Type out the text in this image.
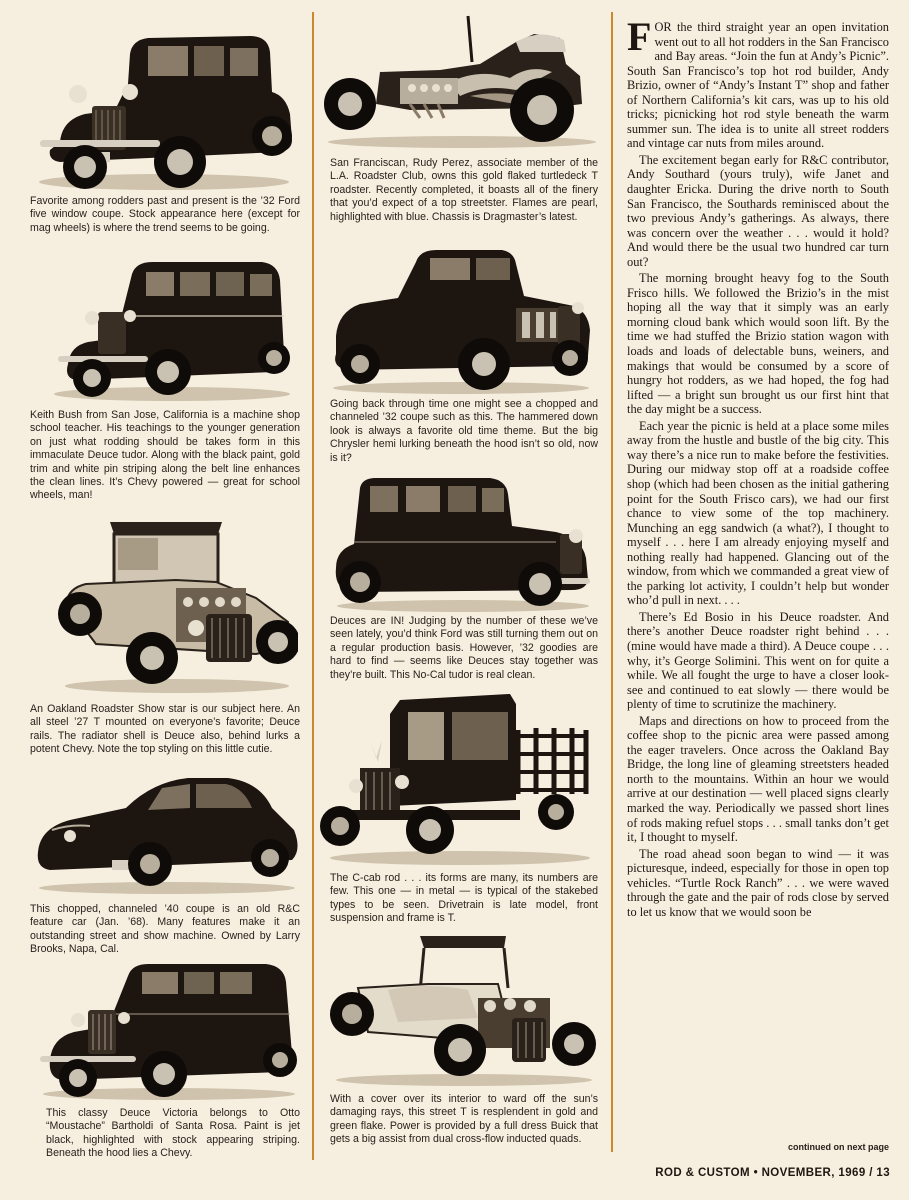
Favorite among rodders past and present is the ’32 Ford five window coupe. Stock appearance here (except for mag wheels) is where the trend seems to be going.

Keith Bush from San Jose, California is a machine shop school teacher. His teachings to the younger generation on just what rodding should be takes form in this immaculate Deuce tudor. Along with the black paint, gold trim and white pin striping along the belt line enhances the clean lines. It’s Chevy powered — great for school wheels, man!

An Oakland Roadster Show star is our subject here. An all steel ’27 T mounted on everyone’s favorite; Deuce rails. The radiator shell is Deuce also, behind lurks a potent Chevy. Note the top styling on this little cutie.

This chopped, channeled ’40 coupe is an old R&C feature car (Jan. ’68). Many features make it an outstanding street and show machine. Owned by Larry Brooks, Napa, Cal.

This classy Deuce Victoria belongs to Otto “Moustache” Bartholdi of Santa Rosa. Paint is jet black, highlighted with stock appearing striping. Beneath the hood lies a Chevy.

San Franciscan, Rudy Perez, associate member of the L.A. Roadster Club, owns this gold flaked turtledeck T roadster. Recently completed, it boasts all of the finery that you’d expect of a top streetster. Flames are pearl, highlighted with blue. Chassis is Dragmaster’s latest.

Going back through time one might see a chopped and channeled ’32 coupe such as this. The hammered down look is always a favorite old time theme. But the big Chrysler hemi lurking beneath the hood isn’t so old, now is it?

Deuces are IN! Judging by the number of these we’ve seen lately, you’d think Ford was still turning them out on a regular production basis. However, ’32 goodies are hard to find — seems like Deuces stay together was they’re built. This No-Cal tudor is real clean.

The C-cab rod . . . its forms are many, its numbers are few. This one — in metal — is typical of the stakebed types to be seen. Drivetrain is late model, front suspension and frame is T.

With a cover over its interior to ward off the sun’s damaging rays, this street T is resplendent in gold and green flake. Power is provided by a full dress Buick that gets a big assist from dual cross-flow inducted quads.

FOR the third straight year an open invitation went out to all hot rodders in the San Francisco and Bay areas. “Join the fun at Andy’s Picnic”. South San Francisco’s top hot rod builder, Andy Brizio, owner of “Andy’s Instant T” shop and father of Northern California’s kit cars, was up to his old tricks; picnicking hot rod style beneath the warm summer sun. The idea is to unite all street rodders and vintage car nuts from miles around.

The excitement began early for R&C contributor, Andy Southard (yours truly), wife Janet and daughter Ericka. During the drive north to South San Francisco, the Southards reminisced about the two previous Andy’s gatherings. As always, there was concern over the weather . . . would it hold? And would there be the usual two hundred car turn out?

The morning brought heavy fog to the South Frisco hills. We followed the Brizio’s in the mist hoping all the way that it simply was an early morning cloud bank which would soon lift. By the time we had stuffed the Brizio station wagon with loads and loads of delectable buns, weiners, and makings that would be consumed by a score of hungry hot rodders, as we had hoped, the fog had lifted — a bright sun brought us our first hint that the day might be a success.

Each year the picnic is held at a place some miles away from the hustle and bustle of the big city. This way there’s a nice run to make before the festivities. During our midway stop off at a roadside coffee shop (which had been chosen as the initial gathering point for the South Frisco cars), we had our first chance to view some of the top machinery. Munching an egg sandwich (a what?), I thought to myself . . . here I am already enjoying myself and nothing really had happened. Glancing out of the window, from which we commanded a great view of the parking lot activity, I couldn’t help but wonder who’d pull in next. . . .

There’s Ed Bosio in his Deuce roadster. And there’s another Deuce roadster right behind . . . (mine would have made a third). A Deuce coupe . . . why, it’s George Solimini. This went on for quite a while. We all fought the urge to have a closer look-see and continued to eat slowly — there would be plenty of time to scrutinize the machinery.

Maps and directions on how to proceed from the coffee shop to the picnic area were passed among the eager travelers. Once across the Oakland Bay Bridge, the long line of gleaming streetsters headed north to the mountains. Within an hour we would arrive at our destination — well placed signs clearly marked the way. Periodically we passed short lines of rods making refuel stops . . . small tanks don’t get it, I thought to myself.

The road ahead soon began to wind — it was picturesque, indeed, especially for those in open top vehicles. “Turtle Rock Ranch” . . . we were waved through the gate and the pair of rods close by served to let us know that we would soon be

continued on next page
ROD & CUSTOM • NOVEMBER, 1969 / 13
